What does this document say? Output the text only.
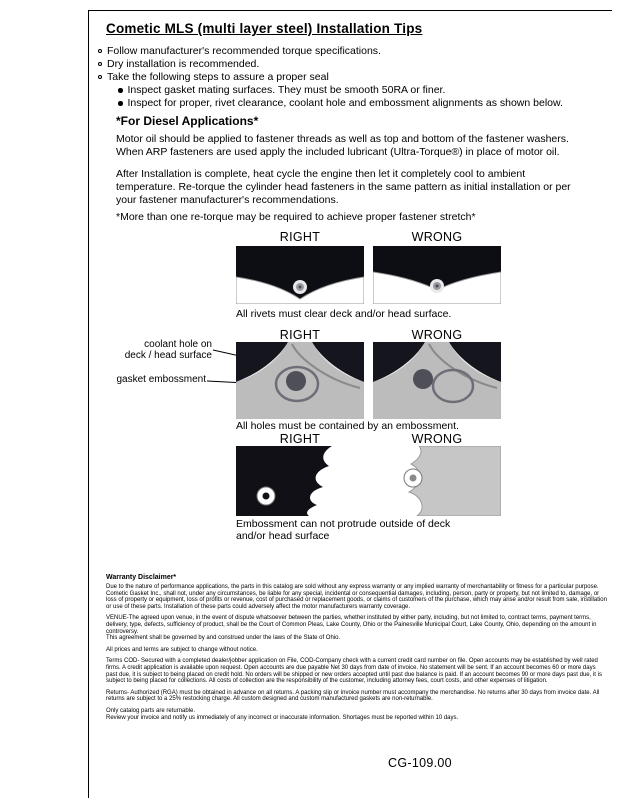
Cometic MLS (multi layer steel) Installation Tips
Follow manufacturer's recommended torque specifications.
Dry installation is recommended.
Take the following steps to assure a proper seal
Inspect gasket mating surfaces. They must be smooth 50RA or finer.
Inspect for proper, rivet clearance, coolant hole and embossment alignments as shown below.
*For Diesel Applications*

Motor oil should be applied to fastener threads as well as top and bottom of the fastener washers. When ARP fasteners are used apply the included lubricant (Ultra-Torque®) in place of motor oil.

After Installation is complete, heat cycle the engine then let it completely cool to ambient temperature. Re-torque the cylinder head fasteners in the same pattern as initial installation or per your fastener manufacturer's recommendations.

*More than one re-torque may be required to achieve proper fastener stretch*

RIGHT	WRONG
All rivets must clear deck and/or head surface.
RIGHT	WRONG
coolant hole on
deck / head surface
gasket embossment
All holes must be contained by an embossment.
RIGHT	WRONG
Embossment can not protrude outside of deck
and/or head surface
Warranty Disclaimer*

Due to the nature of performance applications, the parts in this catalog are sold without any express warranty or any implied warranty of merchantability or fitness for a particular purpose. Cometic Gasket Inc., shall not, under any circumstances, be liable for any special, incidental or consequential damages, including, person, party or property, but not limited to, damage, or loss of property or equipment, loss of profits or revenue, cost of purchased or replacement goods, or claims of customers of the purchase, which may arise and/or result from sale, instillation or use of these parts. Installation of these parts could adversely affect the motor manufacturers warranty coverage.

VENUE-The agreed upon venue, in the event of dispute whatsoever between the parties, whether instituted by either party, including, but not limited to, contract terms, payment terms, delivery, type, defects, sufficiency of product, shall be the Court of Common Pleas, Lake County, Ohio or the Painesville Municipal Court, Lake County, Ohio, depending on the amount in controversy.

This agreement shall be governed by and construed under the laws of the State of Ohio.

All prices and terms are subject to change without notice.

Terms COD- Secured with a completed dealer/jobber application on File, COD-Company check with a current credit card number on file. Open accounts may be established by well rated firms. A credit application is available upon request. Open accounts are due payable Net 30 days from date of invoice. No statement will be sent. If an account becomes 60 or more days past due, it is subject to being placed on credit hold. No orders will be shipped or new orders accepted until past due balance is paid. If an account becomes 90 or more days past due, it is subject to being placed for collections. All costs of collection are the responsibility of the customer, including attorney fees, court costs, and other expenses of litigation.

Returns- Authorized (RGA) must be obtained in advance on all returns. A packing slip or invoice number must accompany the merchandise. No returns after 30 days from invoice date. All returns are subject to a 25% restocking charge. All custom designed and custom manufactured gaskets are non-returnable.

Only catalog parts are returnable.

Review your invoice and notify us immediately of any incorrect or inaccurate information. Shortages must be reported within 10 days.

CG-109.00
